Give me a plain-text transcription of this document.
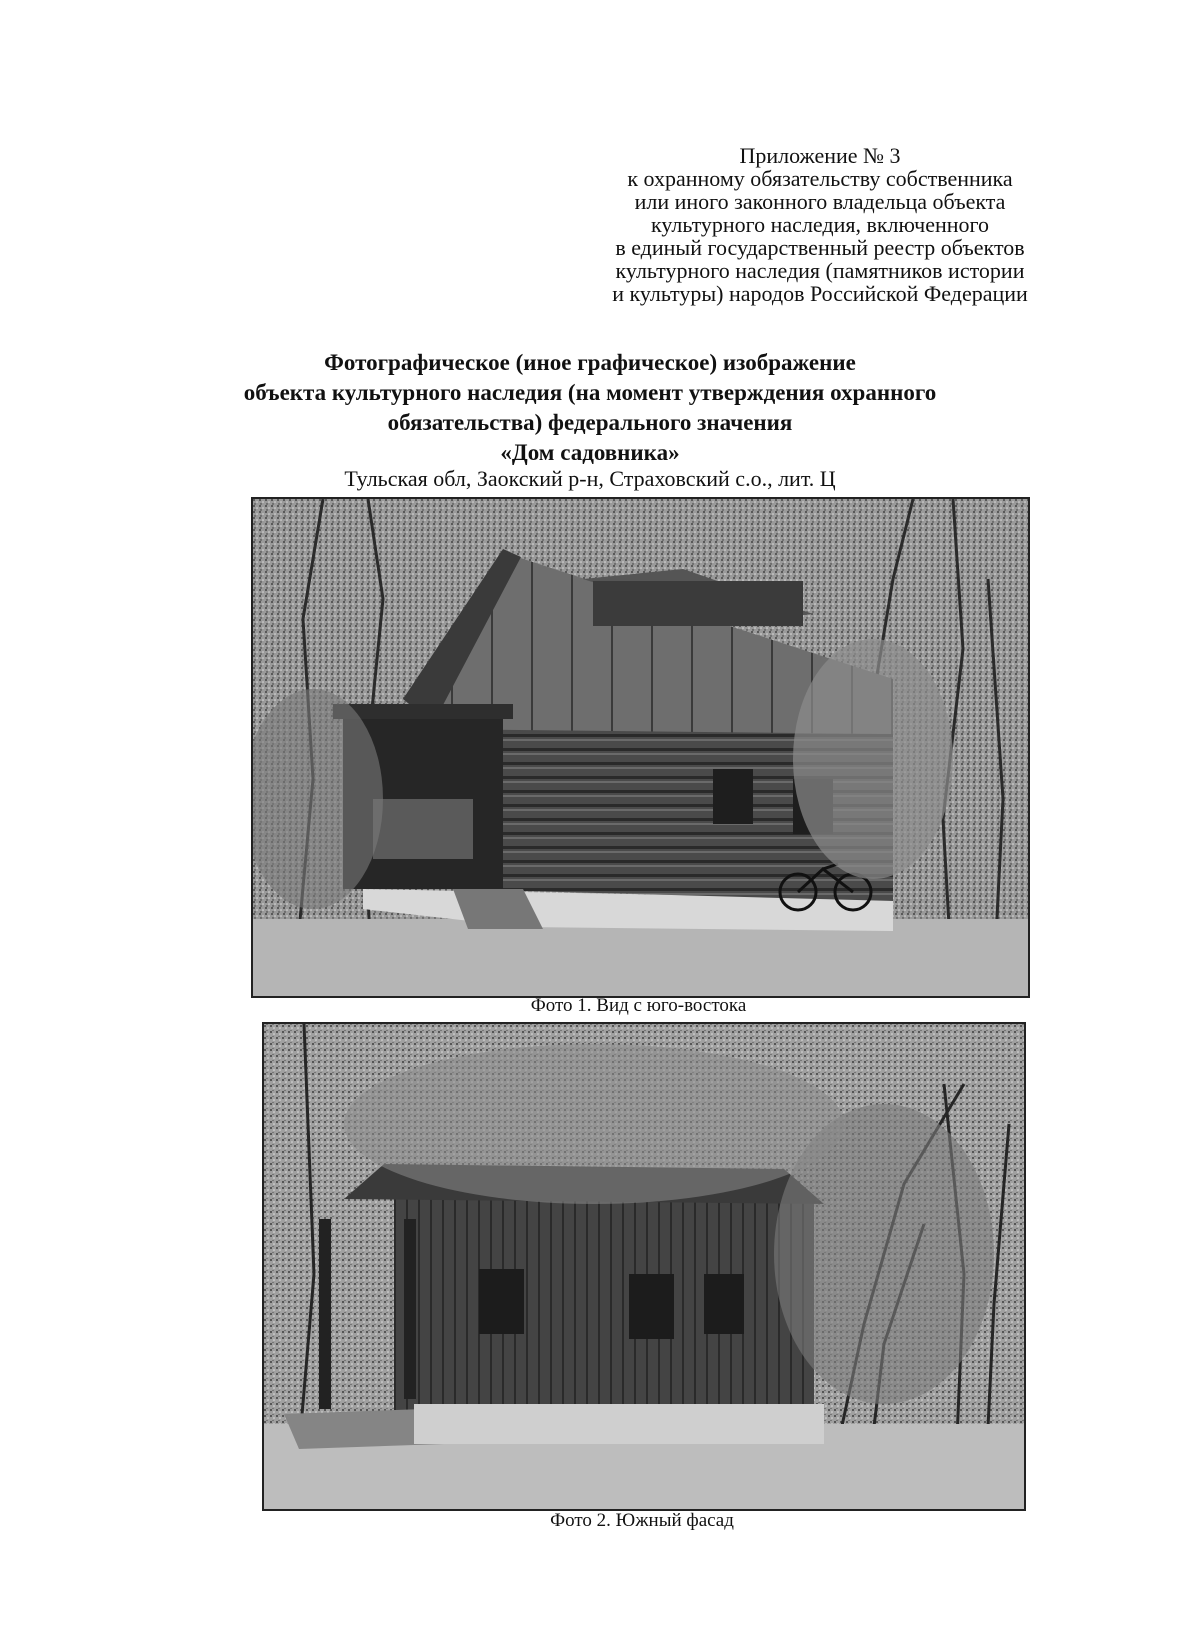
Приложение № 3
к охранному обязательству собственника
или иного законного владельца объекта
культурного наследия, включенного
в единый государственный реестр объектов
культурного наследия (памятников истории
и культуры) народов Российской Федерации
Фотографическое (иное графическое) изображение
объекта культурного наследия (на момент утверждения охранного
обязательства) федерального значения
«Дом садовника»
Тульская обл, Заокский р-н, Страховский с.о., лит. Ц
Фото 1. Вид с юго-востока
Фото 2. Южный фасад
